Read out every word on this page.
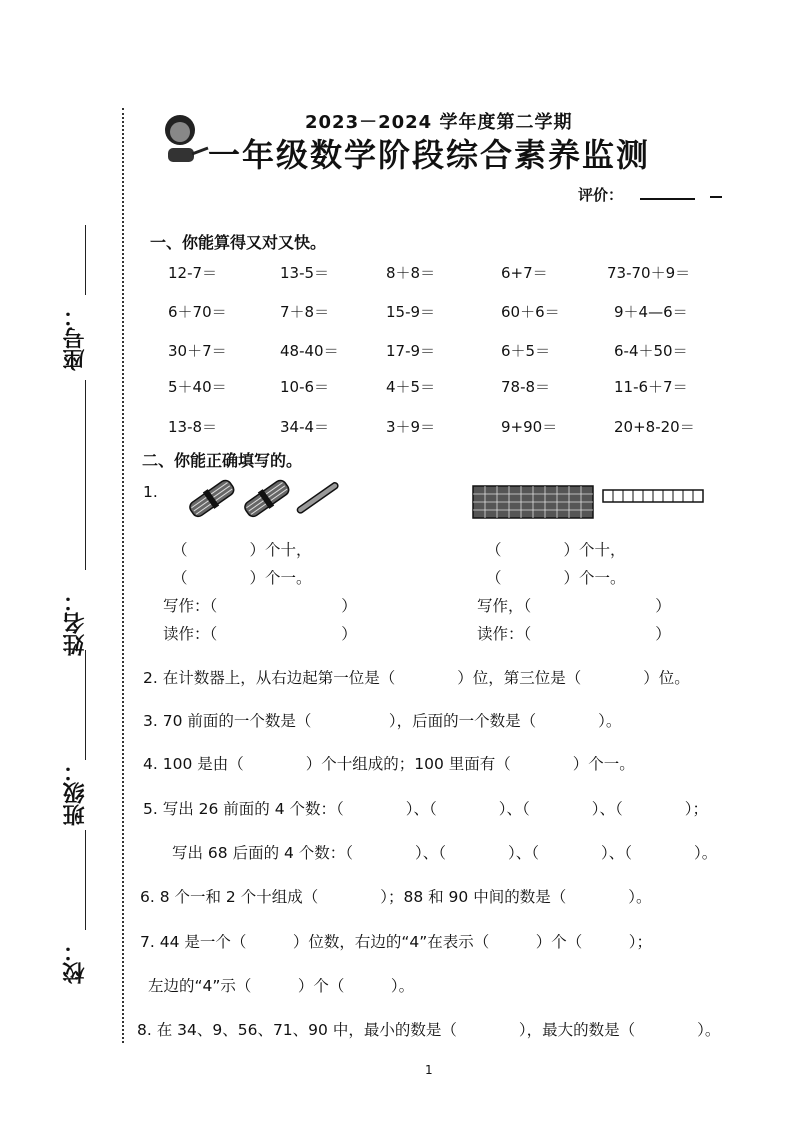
座号：
姓名：
班级：
校：
2023－2024 学年度第二学期
一年级数学阶段综合素养监测
评价：
一、你能算得又对又快。
12-7＝	13-5＝	8＋8＝	6+7＝	73-70＋9＝
6＋70＝	7＋8＝	15-9＝	60＋6＝	9＋4—6＝
30＋7＝	48-40＝	17-9＝	6＋5＝	6-4＋50＝
5＋40＝	10-6＝	4＋5＝	78-8＝	11-6＋7＝
13-8＝	34-4＝	3＋9＝	9+90＝	20+8-20＝
二、你能正确填写的。
1.
（　　　　）个十，
（　　　　）个一。
写作：（　　　　　　　　）
读作：（　　　　　　　　）
（　　　　）个十，
（　　　　）个一。
写作，（　　　　　　　　）
读作：（　　　　　　　　）
2. 在计数器上，从右边起第一位是（　　　　）位，第三位是（　　　　）位。
3. 70 前面的一个数是（　　　　　），后面的一个数是（　　　　）。
4. 100 是由（　　　　）个十组成的；100 里面有（　　　　）个一。
5. 写出 26 前面的 4 个数：（　　　　）、（　　　　）、（　　　　）、（　　　　）；
写出 68 后面的 4 个数：（　　　　）、（　　　　）、（　　　　）、（　　　　）。
6. 8 个一和 2 个十组成（　　　　）；88 和 90 中间的数是（　　　　）。
7. 44 是一个（　　　）位数，右边的“4”在表示（　　　）个（　　　）；
左边的“4”示（　　　）个（　　　）。
8. 在 34、9、56、71、90 中，最小的数是（　　　　），最大的数是（　　　　）。
1
